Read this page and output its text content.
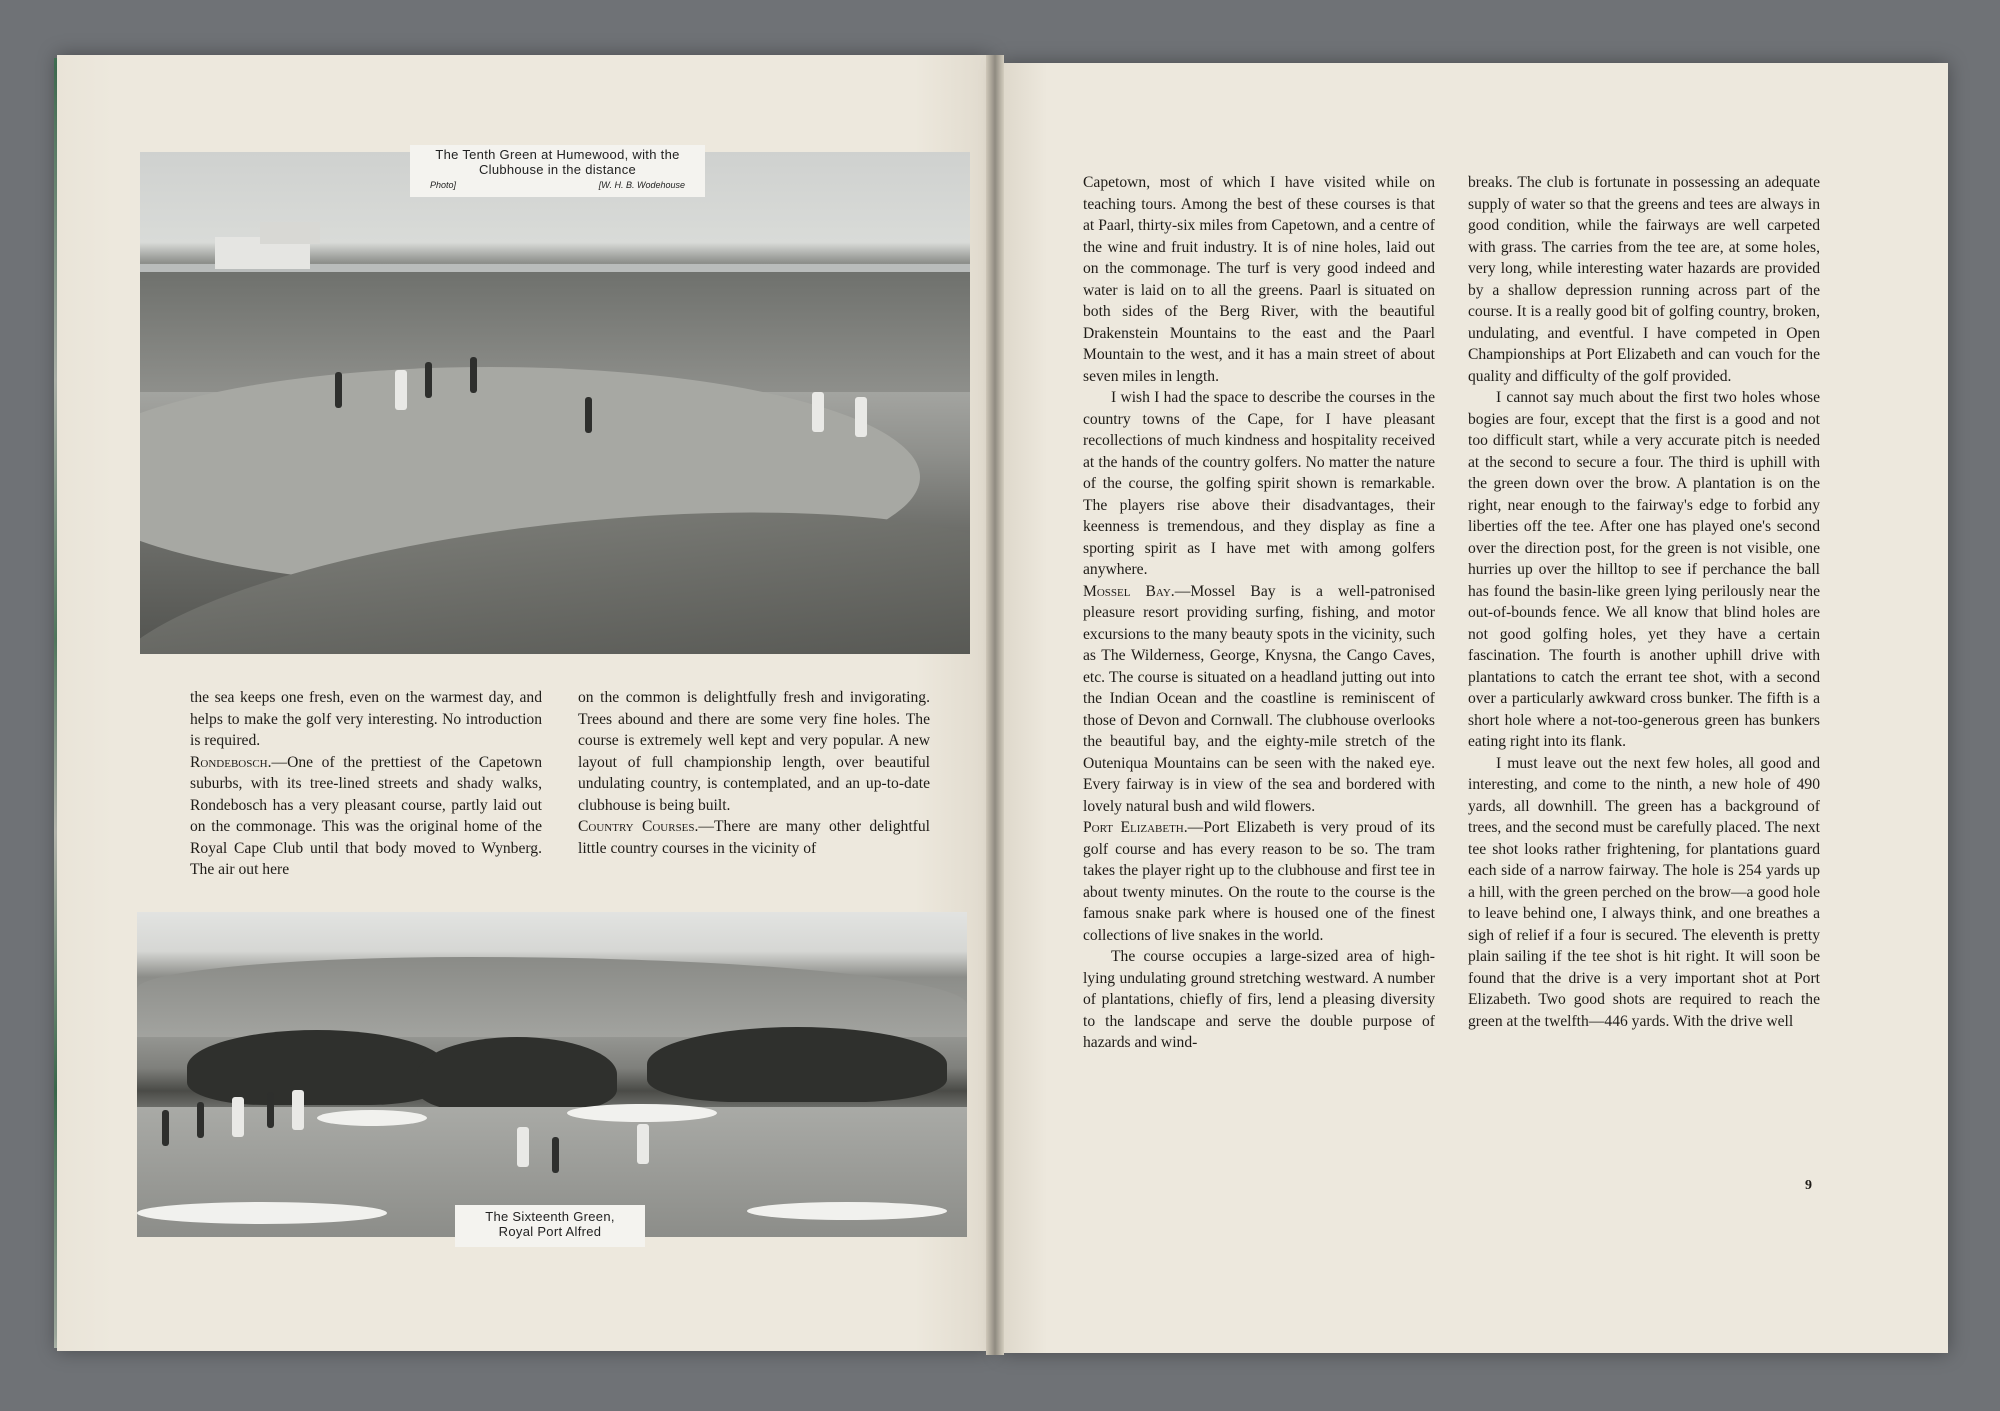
The Tenth Green at Humewood, with the
Clubhouse in the distance
Photo]	[W. H. B. Wodehouse

the sea keeps one fresh, even on the warmest day, and helps to make the golf very interesting. No introduction is required.

Rondebosch.—One of the prettiest of the Capetown suburbs, with its tree-lined streets and shady walks, Rondebosch has a very pleasant course, partly laid out on the commonage. This was the original home of the Royal Cape Club until that body moved to Wynberg. The air out here

on the common is delightfully fresh and invigorating. Trees abound and there are some very fine holes. The course is extremely well kept and very popular. A new layout of full championship length, over beautiful undulating country, is contemplated, and an up-to-date clubhouse is being built.

Country Courses.—There are many other delightful little country courses in the vicinity of

The Sixteenth Green,
Royal Port Alfred

Capetown, most of which I have visited while on teaching tours. Among the best of these courses is that at Paarl, thirty-six miles from Capetown, and a centre of the wine and fruit industry. It is of nine holes, laid out on the commonage. The turf is very good indeed and water is laid on to all the greens. Paarl is situated on both sides of the Berg River, with the beautiful Drakenstein Mountains to the east and the Paarl Mountain to the west, and it has a main street of about seven miles in length.

I wish I had the space to describe the courses in the country towns of the Cape, for I have pleasant recollections of much kindness and hospitality received at the hands of the country golfers. No matter the nature of the course, the golfing spirit shown is remarkable. The players rise above their disadvantages, their keenness is tremendous, and they display as fine a sporting spirit as I have met with among golfers anywhere.

Mossel Bay.—Mossel Bay is a well-patronised pleasure resort providing surfing, fishing, and motor excursions to the many beauty spots in the vicinity, such as The Wilderness, George, Knysna, the Cango Caves, etc. The course is situated on a headland jutting out into the Indian Ocean and the coastline is reminiscent of those of Devon and Cornwall. The clubhouse overlooks the beautiful bay, and the eighty-mile stretch of the Outeniqua Mountains can be seen with the naked eye. Every fairway is in view of the sea and bordered with lovely natural bush and wild flowers.

Port Elizabeth.—Port Elizabeth is very proud of its golf course and has every reason to be so. The tram takes the player right up to the clubhouse and first tee in about twenty minutes. On the route to the course is the famous snake park where is housed one of the finest collections of live snakes in the world.

The course occupies a large-sized area of high-lying undulating ground stretching westward. A number of plantations, chiefly of firs, lend a pleasing diversity to the landscape and serve the double purpose of hazards and wind-

breaks. The club is fortunate in possessing an adequate supply of water so that the greens and tees are always in good condition, while the fairways are well carpeted with grass. The carries from the tee are, at some holes, very long, while interesting water hazards are provided by a shallow depression running across part of the course. It is a really good bit of golfing country, broken, undulating, and eventful. I have competed in Open Championships at Port Elizabeth and can vouch for the quality and difficulty of the golf provided.

I cannot say much about the first two holes whose bogies are four, except that the first is a good and not too difficult start, while a very accurate pitch is needed at the second to secure a four. The third is uphill with the green down over the brow. A plantation is on the right, near enough to the fairway's edge to forbid any liberties off the tee. After one has played one's second over the direction post, for the green is not visible, one hurries up over the hilltop to see if perchance the ball has found the basin-like green lying perilously near the out-of-bounds fence. We all know that blind holes are not good golfing holes, yet they have a certain fascination. The fourth is another uphill drive with plantations to catch the errant tee shot, with a second over a particularly awkward cross bunker. The fifth is a short hole where a not-too-generous green has bunkers eating right into its flank.

I must leave out the next few holes, all good and interesting, and come to the ninth, a new hole of 490 yards, all downhill. The green has a background of trees, and the second must be carefully placed. The next tee shot looks rather frightening, for plantations guard each side of a narrow fairway. The hole is 254 yards up a hill, with the green perched on the brow—a good hole to leave behind one, I always think, and one breathes a sigh of relief if a four is secured. The eleventh is pretty plain sailing if the tee shot is hit right. It will soon be found that the drive is a very important shot at Port Elizabeth. Two good shots are required to reach the green at the twelfth—446 yards. With the drive well

9
